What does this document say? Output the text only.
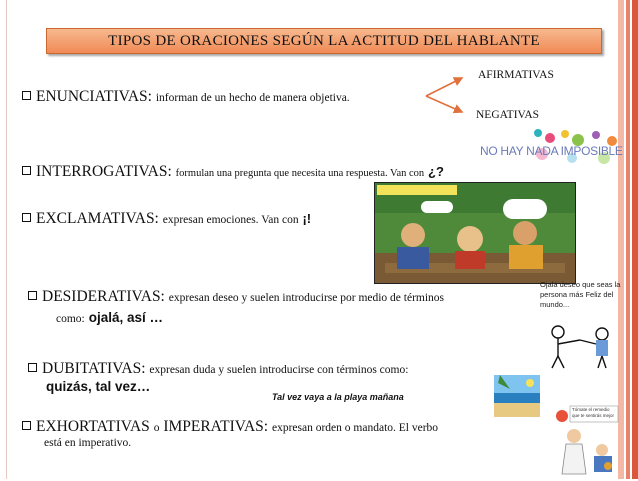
TIPOS DE ORACIONES SEGÚN LA ACTITUD DEL HABLANTE
ENUNCIATIVAS: informan de un hecho de manera objetiva.
AFIRMATIVAS
NEGATIVAS
NO HAY NADA IMPOSIBLE
INTERROGATIVAS: formulan una pregunta que necesita una respuesta. Van con ¿?
EXCLAMATIVAS: expresan emociones. Van con ¡!
DESIDERATIVAS: expresan deseo y suelen introducirse por medio de términos
como: ojalá, así …
Ojalá deseo que seas la persona más Feliz del mundo...
DUBITATIVAS: expresan duda y suelen introducirse con términos como:
quizás, tal vez…
Tal vez vaya a la playa mañana
EXHORTATIVAS o IMPERATIVAS: expresan orden o mandato. El verbo
está en imperativo.
Tómate el remedio que te sentirás mejor
